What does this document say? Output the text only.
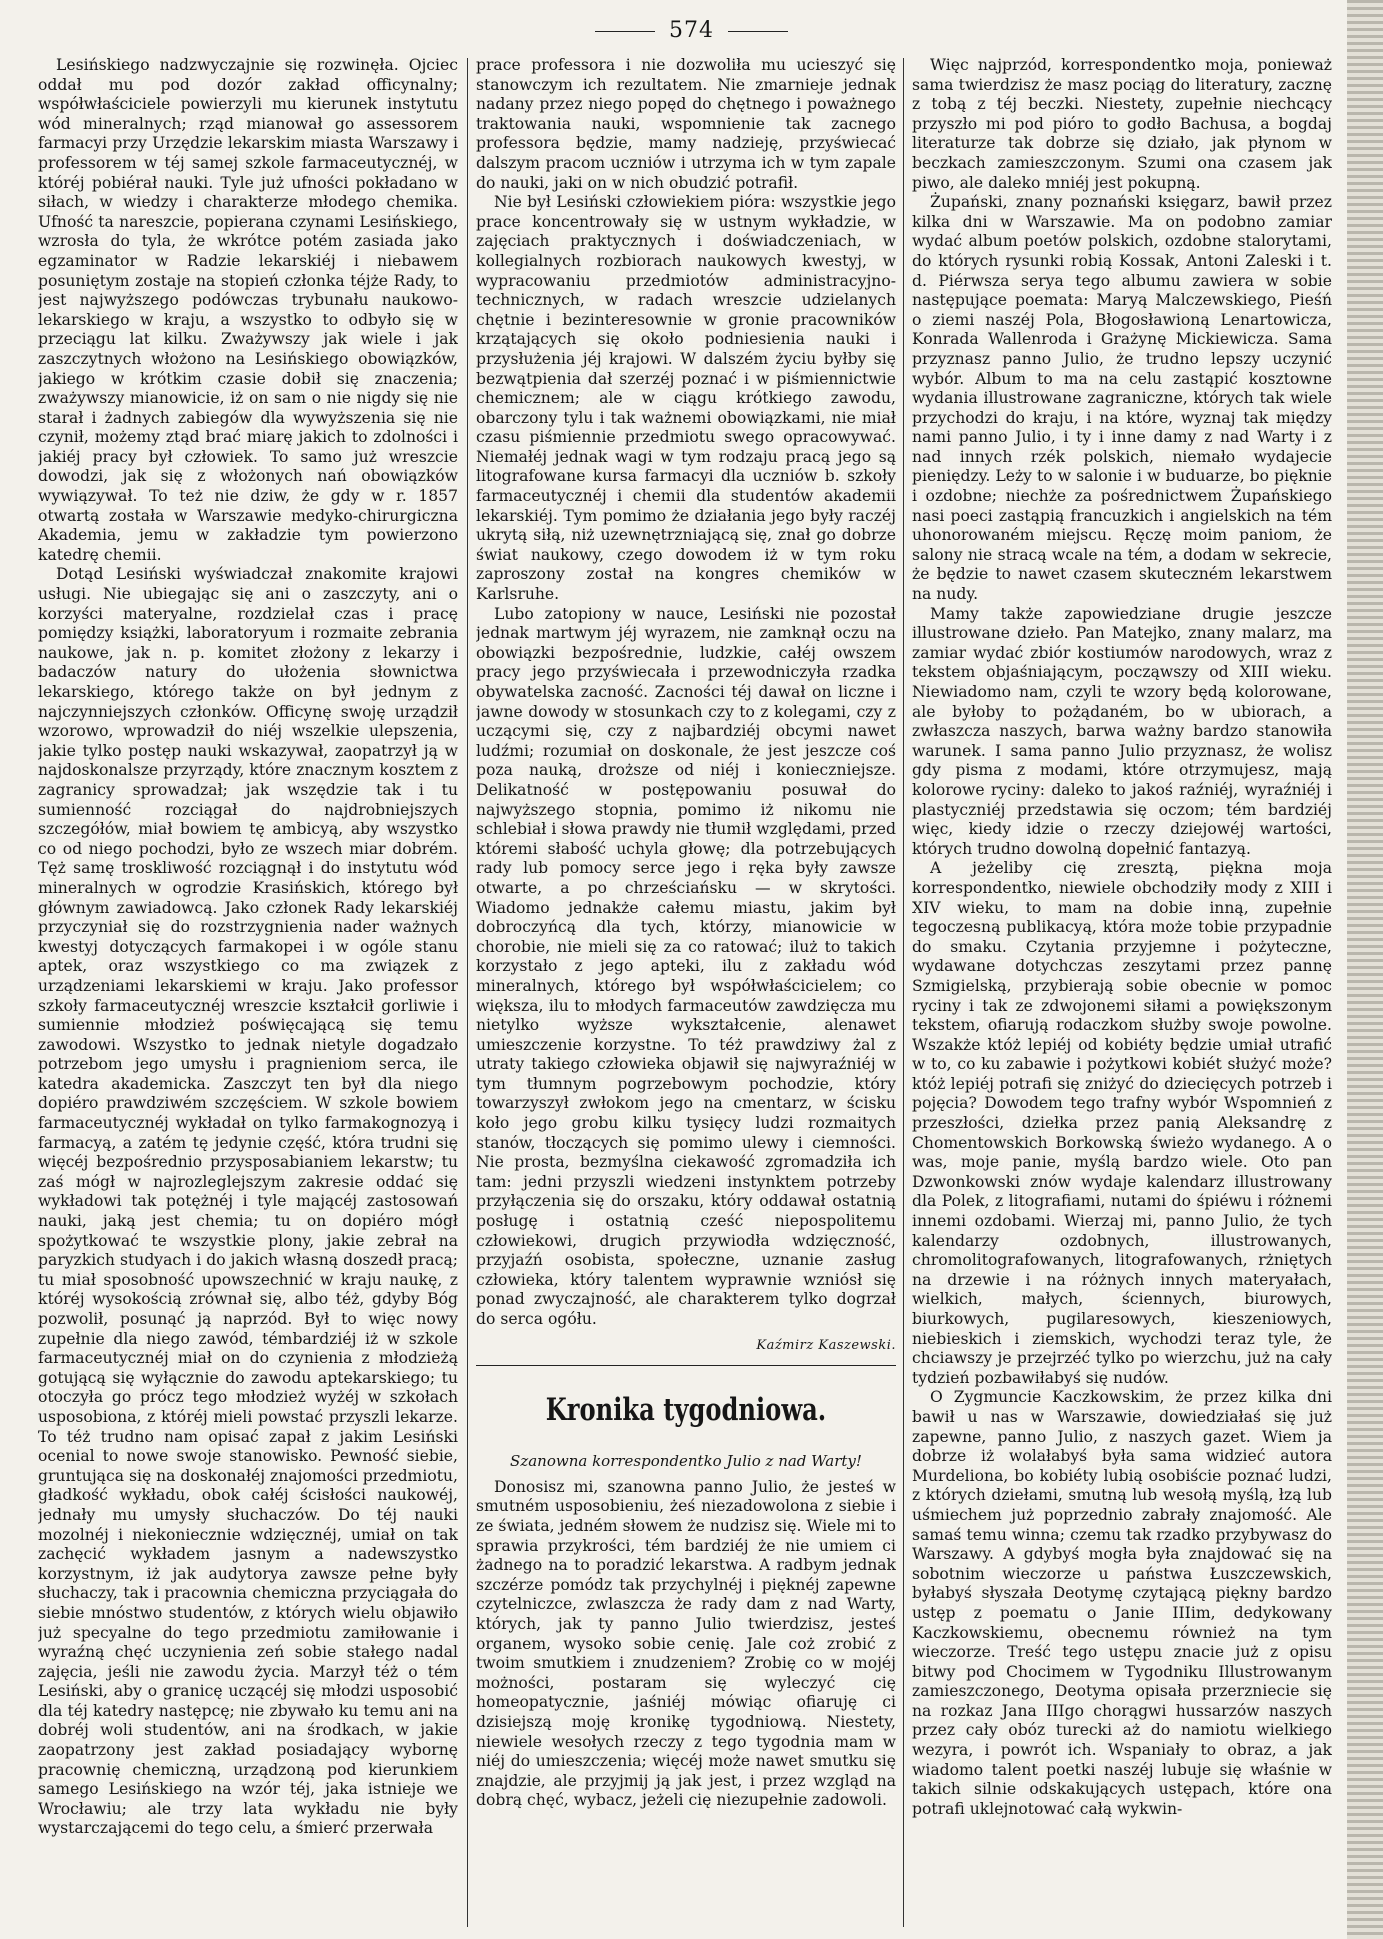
574

Lesińskiego nadzwyczajnie się rozwinęła. Ojciec oddał mu pod dozór zakład officynalny; współwłaściciele powierzyli mu kierunek instytutu wód mineralnych; rząd mianował go assessorem farmacyi przy Urzędzie lekarskim miasta Warszawy i professorem w téj samej szkole farmaceutycznéj, w któréj pobiérał nauki. Tyle już ufności pokładano w siłach, w wiedzy i charakterze młodego chemika. Ufność ta nareszcie, popierana czynami Lesińskiego, wzrosła do tyla, że wkrótce potém zasiada jako egzaminator w Radzie lekarskiéj i niebawem posuniętym zostaje na stopień członka téjże Rady, to jest najwyższego podówczas trybunału naukowo-lekarskiego w kraju, a wszystko to odbyło się w przeciągu lat kilku. Zważywszy jak wiele i jak zaszczytnych włożono na Lesińskiego obowiązków, jakiego w krótkim czasie dobił się znaczenia; zważywszy mianowicie, iż on sam o nie nigdy się nie starał i żadnych zabiegów dla wywyższenia się nie czynił, możemy ztąd brać miarę jakich to zdolności i jakiéj pracy był człowiek. To samo już wreszcie dowodzi, jak się z włożonych nań obowiązków wywiązywał. To też nie dziw, że gdy w r. 1857 otwartą została w Warszawie medyko-chirurgiczna Akademia, jemu w zakładzie tym powierzono katedrę chemii.

Dotąd Lesiński wyświadczał znakomite krajowi usługi. Nie ubiegając się ani o zaszczyty, ani o korzyści materyalne, rozdzielał czas i pracę pomiędzy książki, laboratoryum i rozmaite zebrania naukowe, jak n. p. komitet złożony z lekarzy i badaczów natury do ułożenia słownictwa lekarskiego, którego także on był jednym z najczynniejszych członków. Officynę swoję urządził wzorowo, wprowadził do niéj wszelkie ulepszenia, jakie tylko postęp nauki wskazywał, zaopatrzył ją w najdoskonalsze przyrządy, które znacznym kosztem z zagranicy sprowadzał; jak wszędzie tak i tu sumienność rozciągał do najdrobniejszych szczegółów, miał bowiem tę ambicyą, aby wszystko co od niego pochodzi, było ze wszech miar dobrém. Tęż samę troskliwość rozciągnął i do instytutu wód mineralnych w ogrodzie Krasińskich, którego był głównym zawiadowcą. Jako członek Rady lekarskiéj przyczyniał się do rozstrzygnienia nader ważnych kwestyj dotyczących farmakopei i w ogóle stanu aptek, oraz wszystkiego co ma związek z urządzeniami lekarskiemi w kraju. Jako professor szkoły farmaceutycznéj wreszcie kształcił gorliwie i sumiennie młodzież poświęcającą się temu zawodowi. Wszystko to jednak nietyle dogadzało potrzebom jego umysłu i pragnieniom serca, ile katedra akademicka. Zaszczyt ten był dla niego dopiéro prawdziwém szczęściem. W szkole bowiem farmaceutycznéj wykładał on tylko farmakognozyą i farmacyą, a zatém tę jedynie część, która trudni się więcéj bezpośrednio przysposabianiem lekarstw; tu zaś mógł w najrozleglejszym zakresie oddać się wykładowi tak potężnéj i tyle mającéj zastosowań nauki, jaką jest chemia; tu on dopiéro mógł spożytkować te wszystkie plony, jakie zebrał na paryzkich studyach i do jakich własną doszedł pracą; tu miał sposobność upowszechnić w kraju naukę, z któréj wysokością zrównał się, albo téż, gdyby Bóg pozwolił, posunąć ją naprzód. Był to więc nowy zupełnie dla niego zawód, témbardziéj iż w szkole farmaceutycznéj miał on do czynienia z młodzieżą gotującą się wyłącznie do zawodu aptekarskiego; tu otoczyła go prócz tego młodzież wyżéj w szkołach usposobiona, z któréj mieli powstać przyszli lekarze. To téż trudno nam opisać zapał z jakim Lesiński ocenial to nowe swoje stanowisko. Pewność siebie, gruntująca się na doskonałéj znajomości przedmiotu, gładkość wykładu, obok całéj ścisłości naukowéj, jednały mu umysły słuchaczów. Do téj nauki mozolnéj i niekoniecznie wdzięcznéj, umiał on tak zachęcić wykładem jasnym a nadewszystko korzystnym, iż jak audytorya zawsze pełne były słuchaczy, tak i pracownia chemiczna przyciągała do siebie mnóstwo studentów, z których wielu objawiło już specyalne do tego przedmiotu zamiłowanie i wyraźną chęć uczynienia zeń sobie stałego nadal zajęcia, jeśli nie zawodu życia. Marzył téż o tém Lesiński, aby o granicę uczącéj się młodzi usposobić dla téj katedry następcę; nie zbywało ku temu ani na dobréj woli studentów, ani na środkach, w jakie zaopatrzony jest zakład posiadający wybornę pracownię chemiczną, urządzoną pod kierunkiem samego Lesińskiego na wzór téj, jaka istnieje we Wrocławiu; ale trzy lata wykładu nie były wystarczającemi do tego celu, a śmierć przerwała

prace professora i nie dozwoliła mu ucieszyć się stanowczym ich rezultatem. Nie zmarnieje jednak nadany przez niego popęd do chętnego i poważnego traktowania nauki, wspomnienie tak zacnego professora będzie, mamy nadzieję, przyświecać dalszym pracom uczniów i utrzyma ich w tym zapale do nauki, jaki on w nich obudzić potrafił.

Nie był Lesiński człowiekiem pióra: wszystkie jego prace koncentrowały się w ustnym wykładzie, w zajęciach praktycznych i doświadczeniach, w kollegialnych rozbiorach naukowych kwestyj, w wypracowaniu przedmiotów administracyjno-technicznych, w radach wreszcie udzielanych chętnie i bezinteresownie w gronie pracowników krzątających się około podniesienia nauki i przysłużenia jéj krajowi. W dalszém życiu byłby się bezwątpienia dał szerzéj poznać i w piśmiennictwie chemicznem; ale w ciągu krótkiego zawodu, obarczony tylu i tak ważnemi obowiązkami, nie miał czasu piśmiennie przedmiotu swego opracowywać. Niemałéj jednak wagi w tym rodzaju pracą jego są litografowane kursa farmacyi dla uczniów b. szkoły farmaceutycznéj i chemii dla studentów akademii lekarskiéj. Tym pomimo że działania jego były raczéj ukrytą siłą, niż uzewnętrzniającą się, znał go dobrze świat naukowy, czego dowodem iż w tym roku zaproszony został na kongres chemików w Karlsruhe.

Lubo zatopiony w nauce, Lesiński nie pozostał jednak martwym jéj wyrazem, nie zamknął oczu na obowiązki bezpośrednie, ludzkie, całéj owszem pracy jego przyświecała i przewodniczyła rzadka obywatelska zacność. Zacności téj dawał on liczne i jawne dowody w stosunkach czy to z kolegami, czy z uczącymi się, czy z najbardziéj obcymi nawet ludźmi; rozumiał on doskonale, że jest jeszcze coś poza nauką, droższe od niéj i konieczniejsze. Delikatność w postępowaniu posuwał do najwyższego stopnia, pomimo iż nikomu nie schlebiał i słowa prawdy nie tłumił względami, przed któremi słabość uchyla głowę; dla potrzebujących rady lub pomocy serce jego i ręka były zawsze otwarte, a po chrześciańsku — w skrytości. Wiadomo jednakże całemu miastu, jakim był dobroczyńcą dla tych, którzy, mianowicie w chorobie, nie mieli się za co ratować; iluż to takich korzystało z jego apteki, ilu z zakładu wód mineralnych, którego był współwłaścicielem; co większa, ilu to młodych farmaceutów zawdzięcza mu nietylko wyższe wykształcenie, alenawet umieszczenie korzystne. To téż prawdziwy żal z utraty takiego człowieka objawił się najwyraźniéj w tym tłumnym pogrzebowym pochodzie, który towarzyszył zwłokom jego na cmentarz, w ścisku koło jego grobu kilku tysięcy ludzi rozmaitych stanów, tłoczących się pomimo ulewy i ciemności. Nie prosta, bezmyślna ciekawość zgromadziła ich tam: jedni przyszli wiedzeni instynktem potrzeby przyłączenia się do orszaku, który oddawał ostatnią posługę i ostatnią cześć niepospolitemu człowiekowi, drugich przywiodła wdzięczność, przyjaźń osobista, społeczne, uznanie zasług człowieka, który talentem wyprawnie wzniósł się ponad zwyczajność, ale charakterem tylko dogrzał do serca ogółu.

Kaźmirz Kaszewski.
Kronika tygodniowa.
Szanowna korrespondentko Julio z nad Warty!

Donosisz mi, szanowna panno Julio, że jesteś w smutném usposobieniu, żeś niezadowolona z siebie i ze świata, jedném słowem że nudzisz się. Wiele mi to sprawia przykrości, tém bardziéj że nie umiem ci żadnego na to poradzić lekarstwa. A radbym jednak szczérze pomódz tak przychylnéj i pięknéj zapewne czytelniczce, zwlaszcza że rady dam z nad Warty, których, jak ty panno Julio twierdzisz, jesteś organem, wysoko sobie cenię. Jale coż zrobić z twoim smutkiem i znudzeniem? Zrobię co w mojéj możności, postaram się wyleczyć cię homeopatycznie, jaśniéj mówiąc ofiaruję ci dzisiejszą moję kronikę tygodniową. Niestety, niewiele wesołych rzeczy z tego tygodnia mam w niéj do umieszczenia; więcéj może nawet smutku się znajdzie, ale przyjmij ją jak jest, i przez wzgląd na dobrą chęć, wybacz, jeżeli cię niezupełnie zadowoli.

Więc najprzód, korrespondentko moja, ponieważ sama twierdzisz że masz pociąg do literatury, zacznę z tobą z téj beczki. Niestety, zupełnie niechcący przyszło mi pod pióro to godło Bachusa, a bogdaj literaturze tak dobrze się działo, jak płynom w beczkach zamieszczonym. Szumi ona czasem jak piwo, ale daleko mniéj jest pokupną.

Żupański, znany poznański księgarz, bawił przez kilka dni w Warszawie. Ma on podobno zamiar wydać album poetów polskich, ozdobne stalorytami, do których rysunki robią Kossak, Antoni Zaleski i t. d. Piérwsza serya tego albumu zawiera w sobie następujące poemata: Maryą Malczewskiego, Pieśń o ziemi naszéj Pola, Błogosławioną Lenartowicza, Konrada Wallenroda i Grażynę Mickiewicza. Sama przyznasz panno Julio, że trudno lepszy uczynić wybór. Album to ma na celu zastąpić kosztowne wydania illustrowane zagraniczne, których tak wiele przychodzi do kraju, i na które, wyznaj tak między nami panno Julio, i ty i inne damy z nad Warty i z nad innych rzék polskich, niemało wydajecie pieniędzy. Leży to w salonie i w buduarze, bo pięknie i ozdobne; niechże za pośrednictwem Żupańskiego nasi poeci zastąpią francuzkich i angielskich na tém uhonorowaném miejscu. Ręczę moim paniom, że salony nie stracą wcale na tém, a dodam w sekrecie, że będzie to nawet czasem skuteczném lekarstwem na nudy.

Mamy także zapowiedziane drugie jeszcze illustrowane dzieło. Pan Matejko, znany malarz, ma zamiar wydać zbiór kostiumów narodowych, wraz z tekstem objaśniającym, począwszy od XIII wieku. Niewiadomo nam, czyli te wzory będą kolorowane, ale byłoby to pożądaném, bo w ubiorach, a zwłaszcza naszych, barwa ważny bardzo stanowiła warunek. I sama panno Julio przyznasz, że wolisz gdy pisma z modami, które otrzymujesz, mają kolorowe ryciny: daleko to jakoś raźniéj, wyraźniéj i plastyczniéj przedstawia się oczom; tém bardziéj więc, kiedy idzie o rzeczy dziejowéj wartości, których trudno dowolną dopełnić fantazyą.

A jeżeliby cię zresztą, piękna moja korrespondentko, niewiele obchodziły mody z XIII i XIV wieku, to mam na dobie inną, zupełnie tegoczesną publikacyą, która może tobie przypadnie do smaku. Czytania przyjemne i pożyteczne, wydawane dotychczas zeszytami przez pannę Szmigielską, przybierają sobie obecnie w pomoc ryciny i tak ze zdwojonemi siłami a powiększonym tekstem, ofiarują rodaczkom służby swoje powolne. Wszakże któż lepiéj od kobiéty będzie umiał utrafić w to, co ku zabawie i pożytkowi kobiét służyć może? któż lepiéj potrafi się zniżyć do dziecięcych potrzeb i pojęcia? Dowodem tego trafny wybór Wspomnień z przeszłości, dziełka przez panią Aleksandrę z Chomentowskich Borkowską świeżo wydanego. A o was, moje panie, myślą bardzo wiele. Oto pan Dzwonkowski znów wydaje kalendarz illustrowany dla Polek, z litografiami, nutami do śpiéwu i różnemi innemi ozdobami. Wierzaj mi, panno Julio, że tych kalendarzy ozdobnych, illustrowanych, chromolitografowanych, litografowanych, rżniętych na drzewie i na różnych innych materyałach, wielkich, małych, ściennych, biurowych, biurkowych, pugilaresowych, kieszeniowych, niebieskich i ziemskich, wychodzi teraz tyle, że chciawszy je przejrzéć tylko po wierzchu, już na cały tydzień pozbawiłabyś się nudów.

O Zygmuncie Kaczkowskim, że przez kilka dni bawił u nas w Warszawie, dowiedziałaś się już zapewne, panno Julio, z naszych gazet. Wiem ja dobrze iż wolałabyś była sama widzieć autora Murdeliona, bo kobiéty lubią osobiście poznać ludzi, z których dziełami, smutną lub wesołą myślą, łzą lub uśmiechem już poprzednio zabrały znajomość. Ale samaś temu winna; czemu tak rzadko przybywasz do Warszawy. A gdybyś mogła była znajdować się na sobotnim wieczorze u państwa Łuszczewskich, byłabyś słyszała Deotymę czytającą piękny bardzo ustęp z poematu o Janie IIIim, dedykowany Kaczkowskiemu, obecnemu również na tym wieczorze. Treść tego ustępu znacie już z opisu bitwy pod Chocimem w Tygodniku Illustrowanym zamieszczonego, Deotyma opisała przerzniecie się na rozkaz Jana IIIgo chorągwi hussarzów naszych przez cały obóz turecki aż do namiotu wielkiego wezyra, i powrót ich. Wspaniały to obraz, a jak wiadomo talent poetki naszéj lubuje się właśnie w takich silnie odskakujących ustępach, które ona potrafi uklejnotować całą wykwin-
